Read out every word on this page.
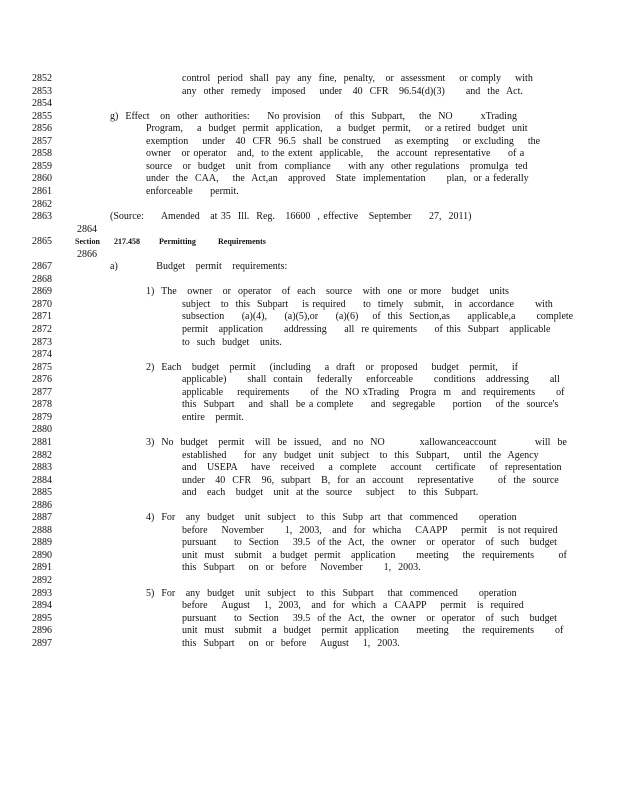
2852	control  period  shall  pay  any  fine,  penalty,   or  assessment    or comply    with
2853	any  other  remedy   imposed    under   40  CFR   96.54(d)(3)      and  the  Act.
2854
2855	g)  Effect   on  other  authorities:     No provision    of  this  Subpart,    the  NO        xTrading
2856	Program,    a  budget  permit  application,    a  budget  permit,    or a retired  budget  unit
2857	exemption    under   40  CFR  96.5  shall  be construed    as exempting    or excluding    the
2858	owner   or operator   and,  to the extent  applicable,    the  account  representative     of a
2859	source   or  budget   unit  from  compliance     with any  other regulations   promulga  ted
2860	under  the  CAA,    the  Act,an   approved   State  implementation      plan,  or a federally
2861	enforceable     permit.
2862
2863	(Source:     Amended   at 35  Ill.  Reg.   16600  , effective   September     27,  2011)
2864
2865
2866
2867	a)           Budget   permit   requirements:
2868
2869	1)  The   owner   or  operator   of  each   source   with  one  or more   budget   units
2870	subject   to  this  Subpart    is required     to  timely   submit,   in  accordance      with
2871	subsection     (a)(4),     (a)(5),or     (a)(6)    of  this  Section,as     applicable,a      complete
2872	permit   application      addressing     all  re quirements     of this  Subpart   applicable
2873	to  such  budget   units.
2874
2875	2)  Each   budget   permit    (including    a  draft   or  proposed    budget   permit,    if
2876	applicable)      shall  contain    federally    enforceable      conditions   addressing      all
2877	applicable    requirements      of  the  NO xTrading   Progra  m   and  requirements      of
2878	this  Subpart    and  shall  be a complete     and  segregable     portion    of the  source's
2879	entire   permit.
2880
2881	3)  No  budget   permit   will  be  issued,   and  no  NO          xallowanceaccount           will  be
2882	established     for  any  budget  unit  subject   to  this  Subpart,    until  the  Agency
2883	and   USEPA    have   received    a  complete    account    certificate    of  representation
2884	under   40  CFR   96,  subpart   B,  for  an  account    representative       of  the  source
2885	and   each   budget   unit  at the  source    subject    to  this  Subpart.
2886
2887	4)  For   any  budget   unit  subject   to  this  Subp  art  that  commenced      operation
2888	before    November      1,  2003,   and  for  whicha    CAAPP    permit   is not required
2889	pursuant     to  Section    39.5  of the  Act,  the  owner   or  operator   of  such   budget
2890	unit  must   submit   a budget  permit   application      meeting    the  requirements       of
2891	this  Subpart    on  or  before    November      1,  2003.
2892
2893	5)  For   any  budget   unit  subject   to  this  Subpart    that  commenced      operation
2894	before    August    1,  2003,   and  for  which  a  CAAPP    permit   is  required
2895	pursuant     to  Section    39.5  of the  Act,  the  owner   or  operator   of  such   budget
2896	unit  must   submit   a  budget   permit  application     meeting    the  requirements      of
2897	this  Subpart    on  or  before    August    1,  2003.
Section 217.458 Permitting	Requirements
